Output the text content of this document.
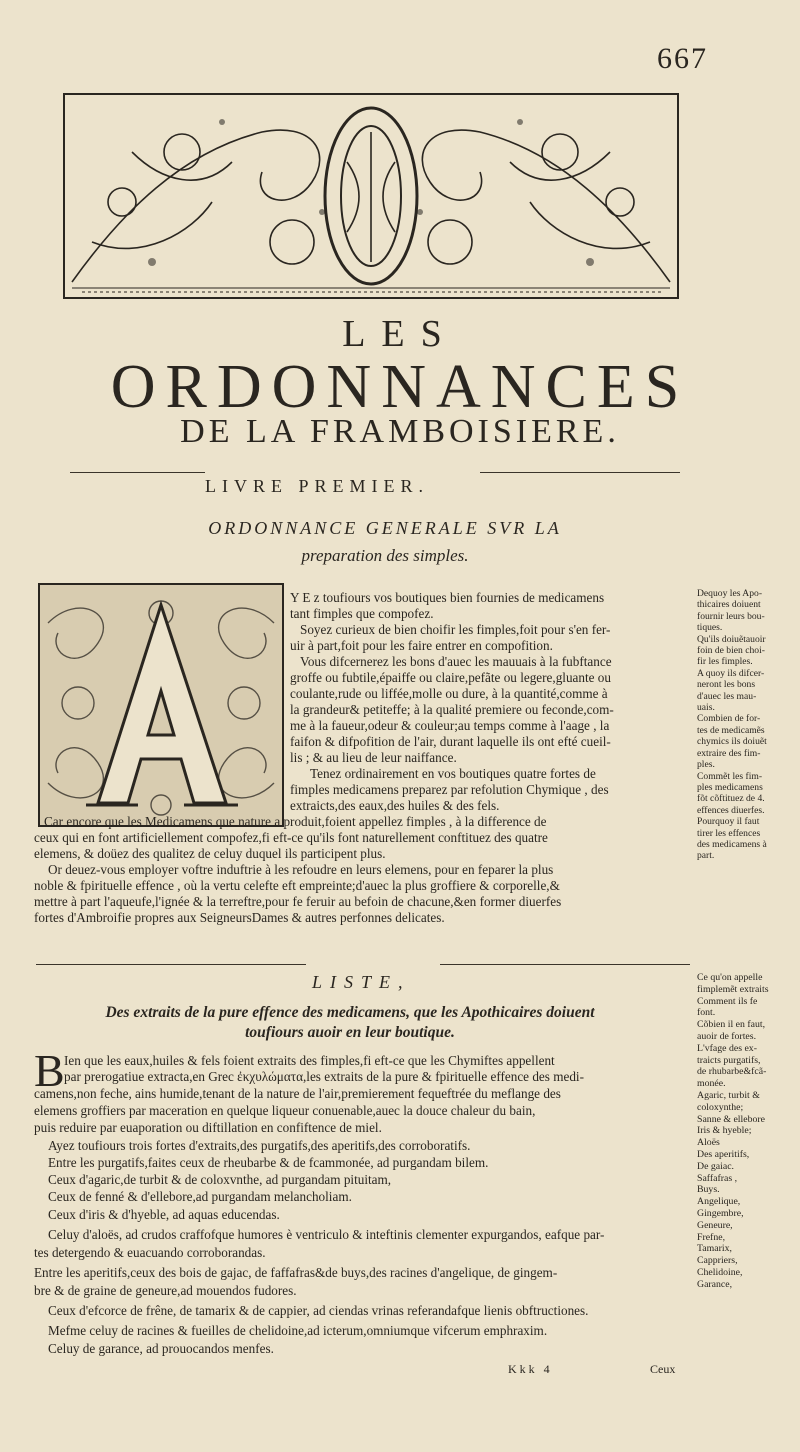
667
LES
ORDONNANCES
DE LA FRAMBOISIERE.
LIVRE PREMIER.
ORDONNANCE GENERALE SVR LA
preparation des simples.
Y E z toufiours vos boutiques bien fournies de medicamens
tant fimples que compofez.
Soyez curieux de bien choifir les fimples,foit pour s'en fer-
uir à part,foit pour les faire entrer en compofition.
Vous difcernerez les bons d'auec les mauuais à la fubftance
groffe ou fubtile,épaiffe ou claire,pefãte ou legere,gluante ou
coulante,rude ou liffée,molle ou dure, à la quantité,comme à
la grandeur& petiteffe; à la qualité premiere ou feconde,com-
me à la faueur,odeur & couleur;au temps comme à l'aage , la
faifon & difpofition de l'air, durant laquelle ils ont efté cueil-
lis ; & au lieu de leur naiffance.
Tenez ordinairement en vos boutiques quatre fortes de
fimples medicamens preparez par refolution Chymique , des
extraicts,des eaux,des huiles & des fels.
Car encore que les Medicamens que nature a produit,foient appellez fimples , à la difference de
ceux qui en font artificiellement compofez,fi eft-ce qu'ils font naturellement conftituez des quatre
elemens, & doüez des qualitez de celuy duquel ils participent plus.
Or deuez-vous employer voftre induftrie à les refoudre en leurs elemens, pour en feparer la plus
noble & fpirituelle effence , où la vertu celefte eft empreinte;d'auec la plus groffiere & corporelle,&
mettre à part l'aqueufe,l'ignée & la terreftre,pour fe feruir au befoin de chacune,&en former diuerfes
fortes d'Ambroifie propres aux SeigneursDames & autres perfonnes delicates.
Dequoy les Apo-
thicaires doiuent
fournir leurs bou-
tiques.
Qu'ils doiuẽtauoir
foin de bien choi-
fir les fimples.
A quoy ils difcer-
neront les bons
d'auec les mau-
uais.
Combien de for-
tes de medicamẽs
chymics ils doiuẽt
extraire des fim-
ples.
Commẽt les fim-
ples medicamens
fõt cõftituez de 4.
effences diuerfes.
Pourquoy il faut
tirer les effences
des medicamens à
part.
LISTE,
Des extraits de la pure effence des medicamens, que les Apothicaires doiuent
toufiours auoir en leur boutique.
B Ien que les eaux,huiles & fels foient extraits des fimples,fi eft-ce que les Chymiftes appellent
par prerogatiue extracta,en Grec ἐκχυλώματα,les extraits de la pure & fpirituelle effence des medi-
camens,non feche, ains humide,tenant de la nature de l'air,premierement fequeftrée du meflange des
elemens groffiers par maceration en quelque liqueur conuenable,auec la douce chaleur du bain,
puis reduire par euaporation ou diftillation en confiftence de miel.
Ayez toufiours trois fortes d'extraits,des purgatifs,des aperitifs,des corroboratifs.
Entre les purgatifs,faites ceux de rheubarbe & de fcammonée, ad purgandam bilem.
Ceux d'agaric,de turbit & de coloxvnthe, ad purgandam pituitam,
Ceux de fenné & d'ellebore,ad purgandam melancholiam.
Ceux d'iris & d'hyeble, ad aquas educendas.
Celuy d'aloës, ad crudos craffofque humores è ventriculo & inteftinis clementer expurgandos, eafque par-
tes detergendo & euacuando corroborandas.
Entre les aperitifs,ceux des bois de gajac, de faffafras&de buys,des racines d'angelique, de gingem-
bre & de graine de geneure,ad mouendos fudores.
Ceux d'efcorce de frêne, de tamarix & de cappier, ad ciendas vrinas referandafque lienis obftructiones.
Mefme celuy de racines & fueilles de chelidoine,ad icterum,omniumque vifcerum emphraxim.
Celuy de garance, ad prouocandos menfes.
Ce qu'on appelle
fimplemẽt extraits
Comment ils fe
font.
Cõbien il en faut,
auoir de fortes.
L'vfage des ex-
traicts purgatifs,
de rhubarbe&fcã-
monée.
Agaric, turbit &
coloxynthe;
Sanne & ellebore
Iris & hyeble;
Aloës
Des aperitifs,
De gaiac.
Saffafras ,
Buys.
Angelique,
Gingembre,
Geneure,
Frefne,
Tamarix,
Cappriers,
Chelidoine,
Garance,
Kkk 4	Ceux
